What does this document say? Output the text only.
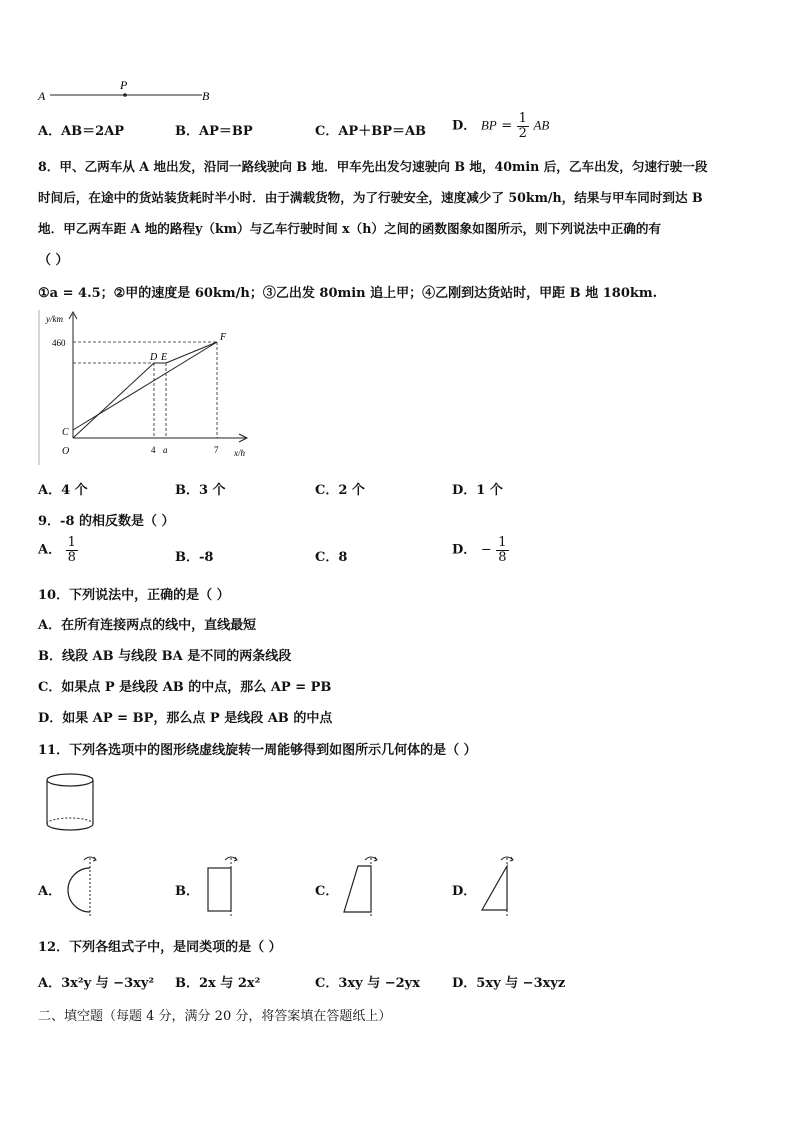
A
P
B
A．AB＝2AP	B．AP＝BP	C．AP＋BP＝AB D． BP = $\frac{1}{2}$ AB
8．甲、乙两车从 A 地出发，沿同一路线驶向 B 地．甲车先出发匀速驶向 B 地，40min 后，乙车出发，匀速行驶一段
时间后，在途中的货站装货耗时半小时．由于满载货物，为了行驶安全，速度减少了 50km/h，结果与甲车同时到达 B
地．甲乙两车距 A 地的路程y（km）与乙车行驶时间 x（h）之间的函数图象如图所示，则下列说法中正确的有
（ ）
①a = 4.5；②甲的速度是 60km/h；③乙出发 80min 追上甲；④乙刚到达货站时，甲距 B 地 180km.
y/km
x/h
460
4 a	7
O
C
D E
F
A．4 个	B．3 个	C．2 个	D．1 个
9．-8 的相反数是（ ）
A． $\frac{1}{8}$	B．-8	C．8	D． − $\frac{1}{8}$
10．下列说法中，正确的是（ ）
A．在所有连接两点的线中，直线最短
B．线段 AB 与线段 BA 是不同的两条线段
C．如果点 P 是线段 AB 的中点，那么 AP = PB
D．如果 AP = BP，那么点 P 是线段 AB 的中点
11．下列各选项中的图形绕虚线旋转一周能够得到如图所示几何体的是（ ）
A．	B．	C．	D．
12．下列各组式子中，是同类项的是（ ）
A．3x²y 与 −3xy² B．2x 与 2x²	C．3xy 与 −2yx D．5xy 与 −3xyz
二、填空题（每题 4 分，满分 20 分，将答案填在答题纸上）
